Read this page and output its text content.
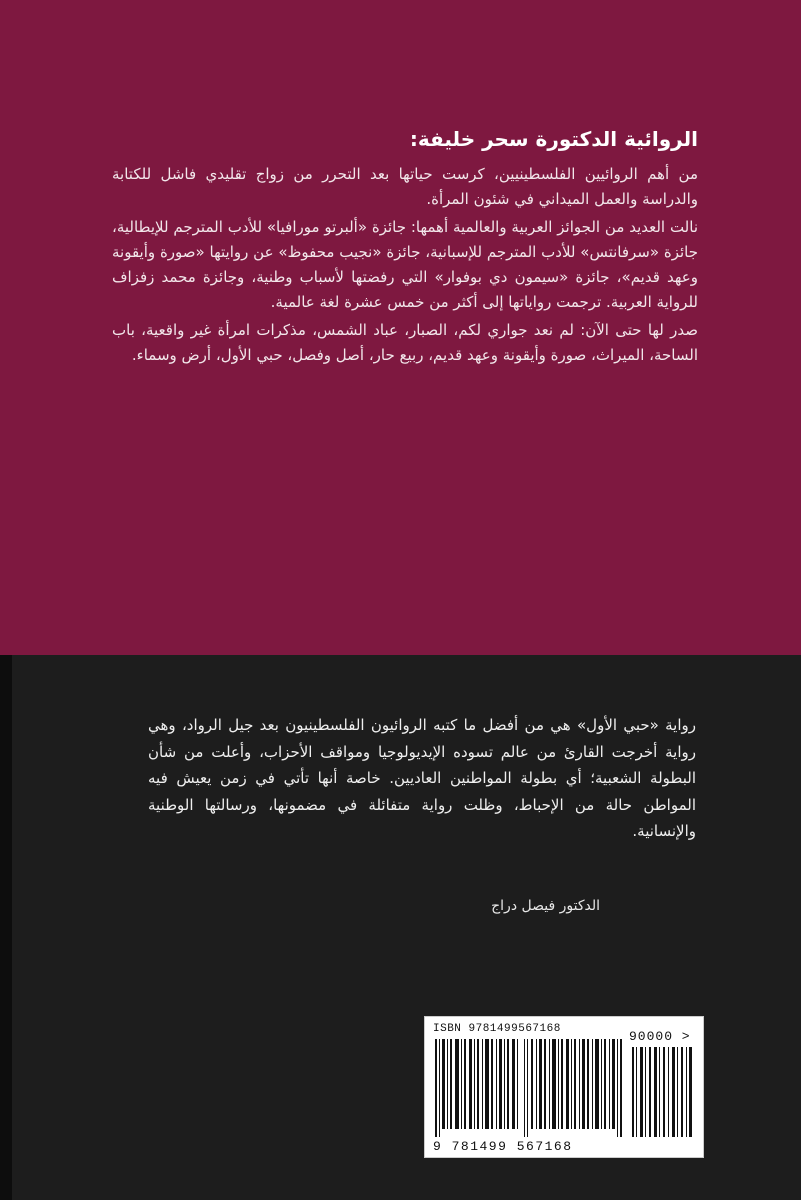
الروائية الدكتورة سحر خليفة:

من أهم الروائيين الفلسطينيين، كرست حياتها بعد التحرر من زواج تقليدي فاشل للكتابة والدراسة والعمل الميداني في شئون المرأة.

نالت العديد من الجوائز العربية والعالمية أهمها: جائزة «ألبرتو مورافيا» للأدب المترجم للإيطالية، جائزة «سرفانتس» للأدب المترجم للإسبانية، جائزة «نجيب محفوظ» عن روايتها «صورة وأيقونة وعهد قديم»، جائزة «سيمون دي بوفوار» التي رفضتها لأسباب وطنية، وجائزة محمد زفزاف للرواية العربية. ترجمت رواياتها إلى أكثر من خمس عشرة لغة عالمية.

صدر لها حتى الآن: لم نعد جواري لكم، الصبار، عباد الشمس، مذكرات امرأة غير واقعية، باب الساحة، الميراث، صورة وأيقونة وعهد قديم، ربيع حار، أصل وفصل، حبي الأول، أرض وسماء.

رواية «حبي الأول» هي من أفضل ما كتبه الروائيون الفلسطينيون بعد جيل الرواد، وهي رواية أخرجت القارئ من عالم تسوده الإيديولوجيا ومواقف الأحزاب، وأعلت من شأن البطولة الشعبية؛ أي بطولة المواطنين العاديين. خاصة أنها تأتي في زمن يعيش فيه المواطن حالة من الإحباط، وظلت رواية متفائلة في مضمونها، ورسالتها الوطنية والإنسانية.
الدكتور فيصل دراج
ISBN 9781499567168
9 781499 567168
90000 >
